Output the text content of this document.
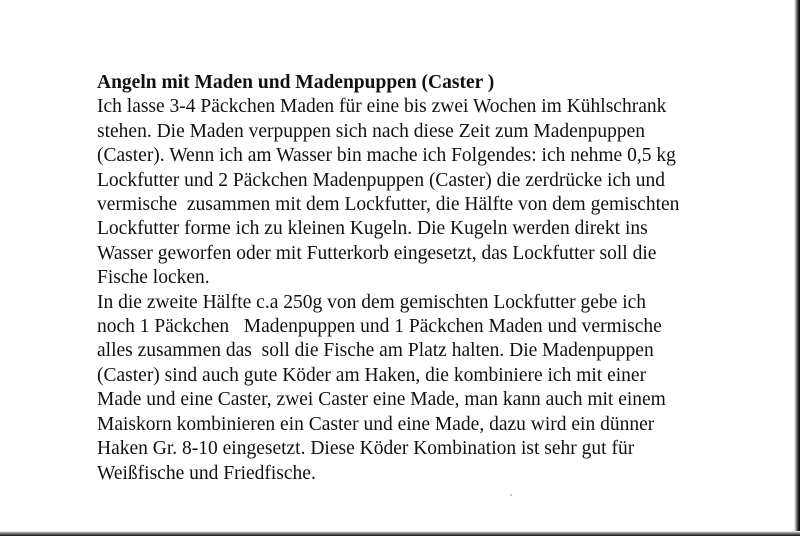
Angeln mit Maden und Madenpuppen (Caster )

Ich lasse 3-4 Päckchen Maden für eine bis zwei Wochen im Kühlschrank

stehen. Die Maden verpuppen sich nach diese Zeit zum Madenpuppen

(Caster). Wenn ich am Wasser bin mache ich Folgendes: ich nehme 0,5 kg

Lockfutter und 2 Päckchen Madenpuppen (Caster) die zerdrücke ich und

vermische  zusammen mit dem Lockfutter, die Hälfte von dem gemischten

Lockfutter forme ich zu kleinen Kugeln. Die Kugeln werden direkt ins

Wasser geworfen oder mit Futterkorb eingesetzt, das Lockfutter soll die

Fische locken.

In die zweite Hälfte c.a 250g von dem gemischten Lockfutter gebe ich

noch 1 Päckchen   Madenpuppen und 1 Päckchen Maden und vermische

alles zusammen das  soll die Fische am Platz halten. Die Madenpuppen

(Caster) sind auch gute Köder am Haken, die kombiniere ich mit einer

Made und eine Caster, zwei Caster eine Made, man kann auch mit einem

Maiskorn kombinieren ein Caster und eine Made, dazu wird ein dünner

Haken Gr. 8-10 eingesetzt. Diese Köder Kombination ist sehr gut für

Weißfische und Friedfische.
